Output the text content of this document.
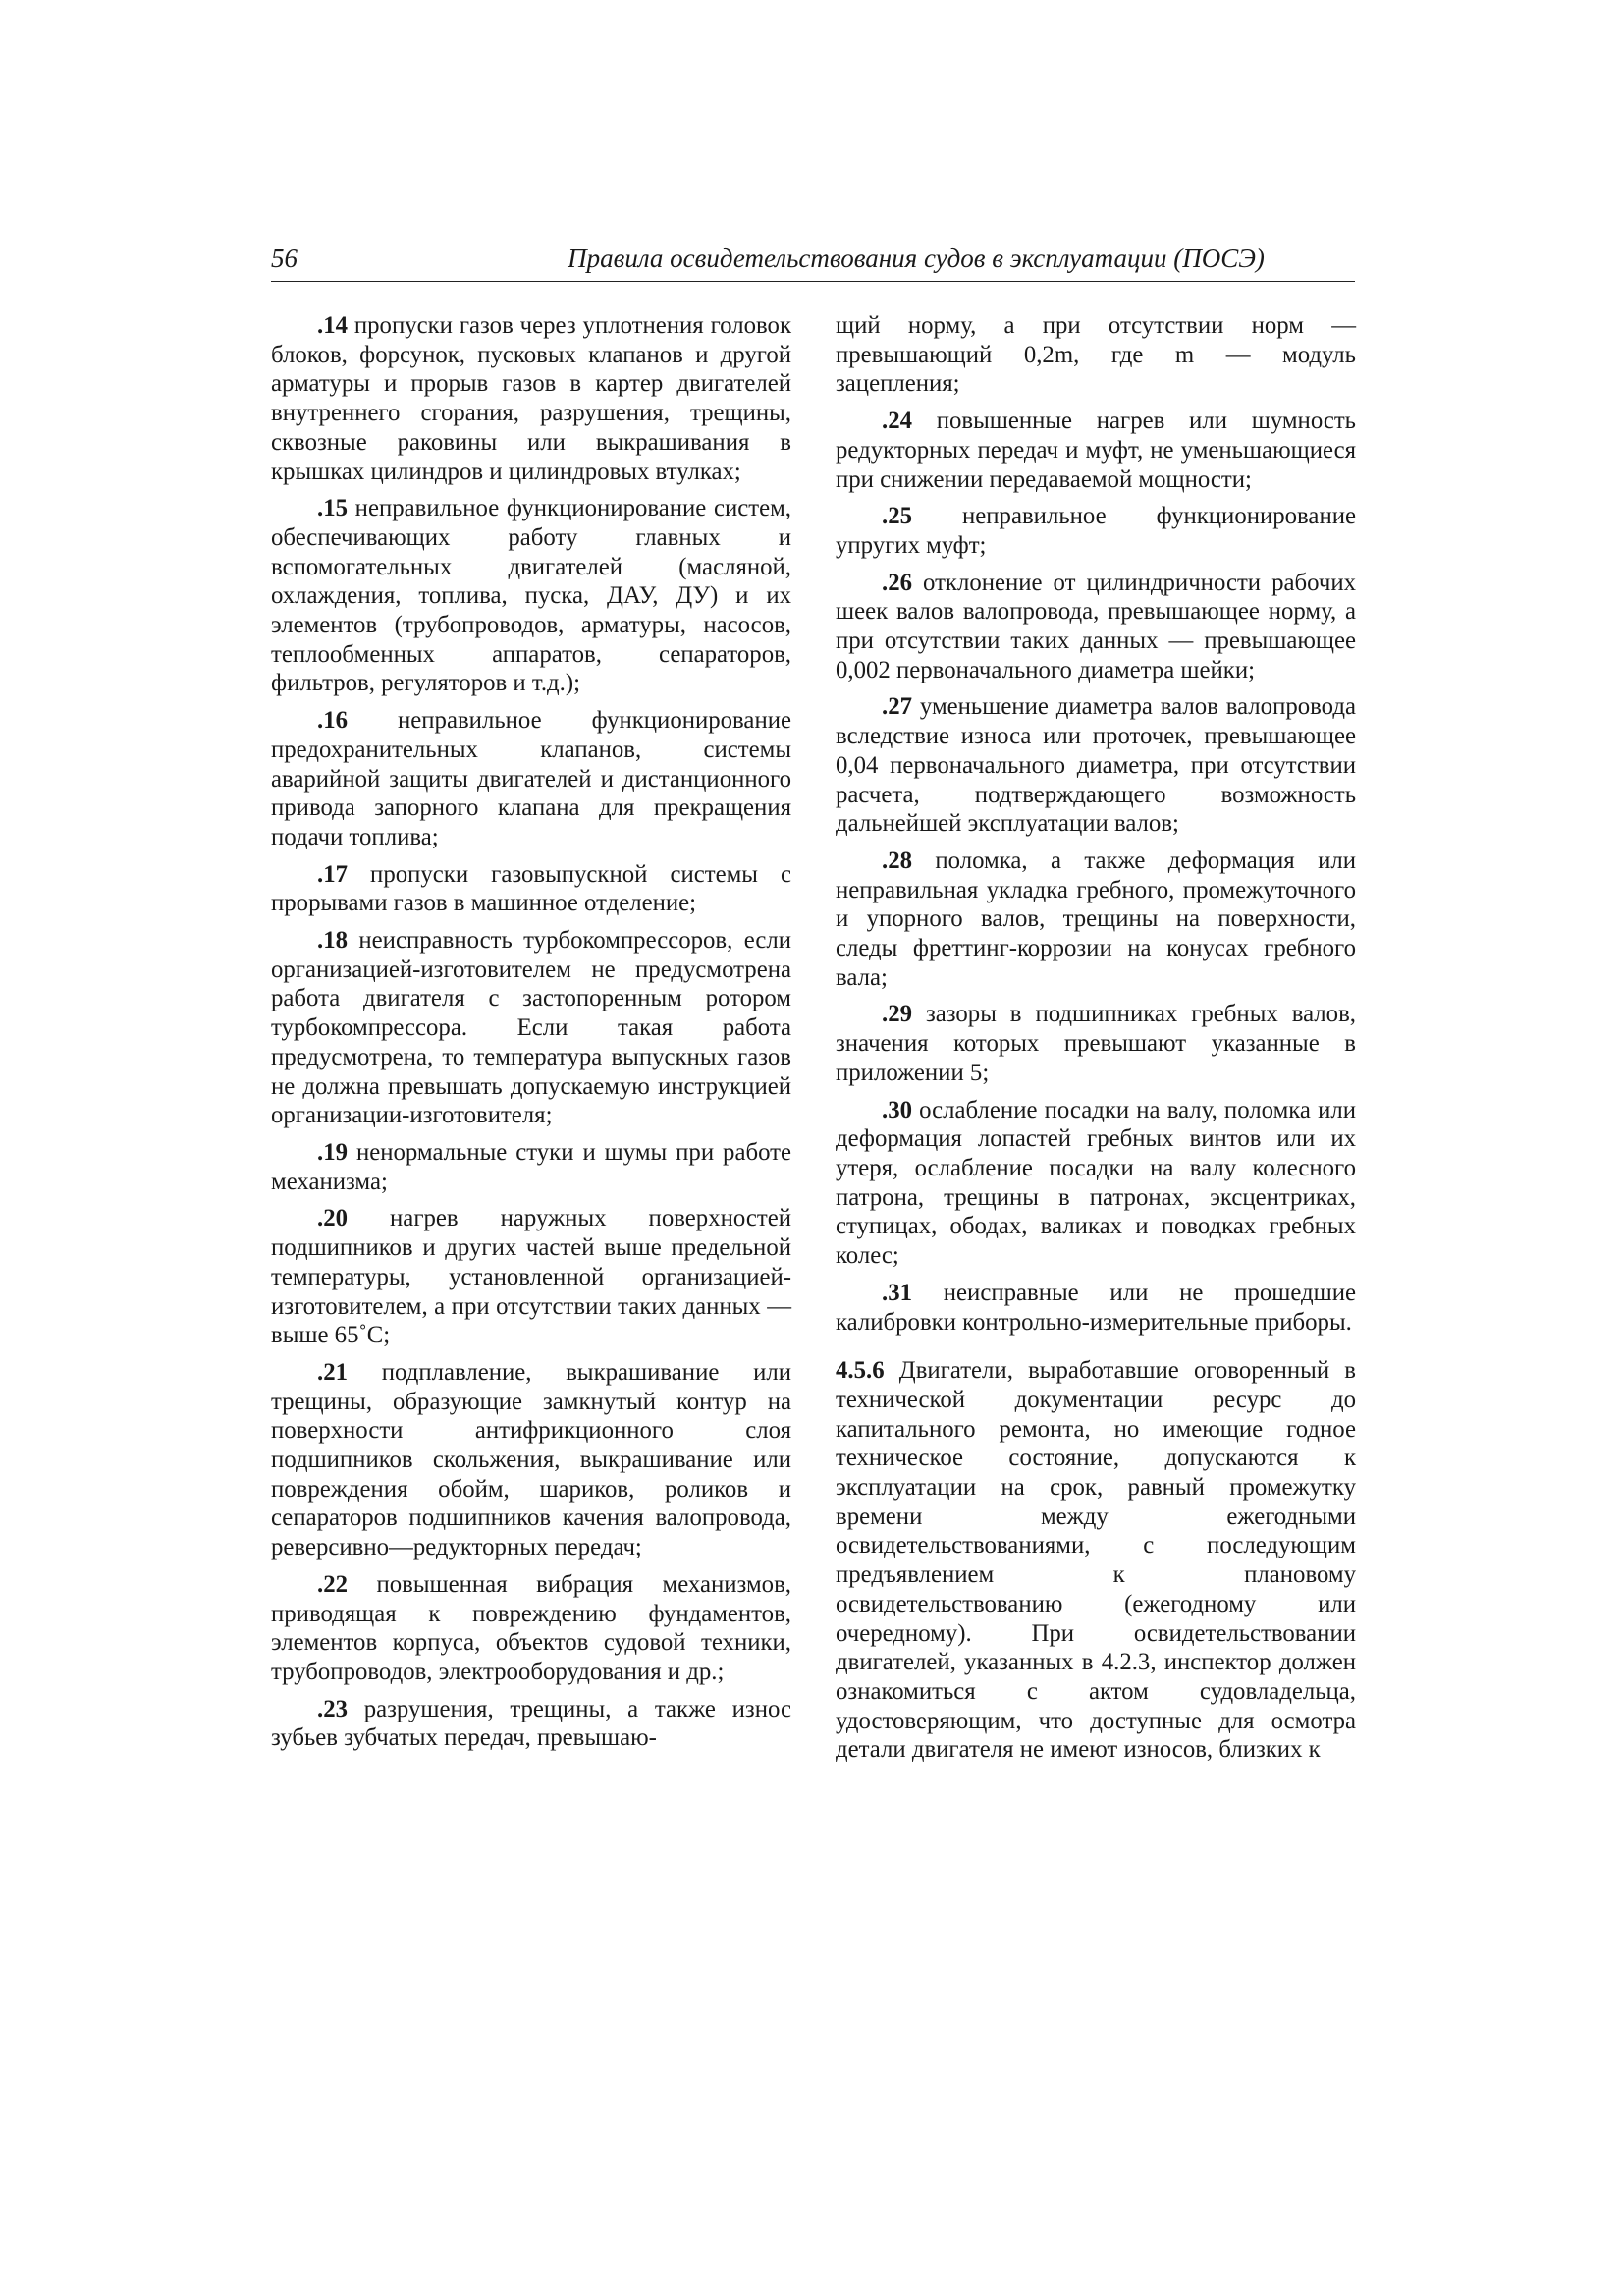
56	Правила освидетельствования судов в эксплуатации (ПОСЭ)

.14 пропуски газов через уплотнения головок блоков, форсунок, пусковых клапанов и другой арматуры и прорыв газов в картер двигателей внутреннего сгорания, разрушения, трещины, сквозные раковины или выкрашивания в крышках цилиндров и цилиндровых втулках;

.15 неправильное функционирование систем, обеспечивающих работу главных и вспомогательных двигателей (масляной, охлаждения, топлива, пуска, ДАУ, ДУ) и их элементов (трубопроводов, арматуры, насосов, теплообменных аппаратов, сепараторов, фильтров, регуляторов и т.д.);

.16 неправильное функционирование предохранительных клапанов, системы аварийной защиты двигателей и дистанционного привода запорного клапана для прекращения подачи топлива;

.17 пропуски газовыпускной системы с прорывами газов в машинное отделение;

.18 неисправность турбокомпрессоров, если организацией-изготовителем не предусмотрена работа двигателя с застопоренным ротором турбокомпрессора. Если такая работа предусмотрена, то температура выпускных газов не должна превышать допускаемую инструкцией организации-изготовителя;

.19 ненормальные стуки и шумы при работе механизма;

.20 нагрев наружных поверхностей подшипников и других частей выше предельной температуры, установленной организацией-изготовителем, а при отсутствии таких данных — выше 65˚С;

.21 подплавление, выкрашивание или трещины, образующие замкнутый контур на поверхности антифрикционного слоя подшипников скольжения, выкрашивание или повреждения обойм, шариков, роликов и сепараторов подшипников качения валопровода, реверсивно—редукторных передач;

.22 повышенная вибрация механизмов, приводящая к повреждению фундаментов, элементов корпуса, объектов судовой техники, трубопроводов, электрооборудования и др.;

.23 разрушения, трещины, а также износ зубьев зубчатых передач, превышаю-

щий норму, а при отсутствии норм — превышающий 0,2m, где m — модуль зацепления;

.24 повышенные нагрев или шумность редукторных передач и муфт, не уменьшающиеся при снижении передаваемой мощности;

.25 неправильное функционирование упругих муфт;

.26 отклонение от цилиндричности рабочих шеек валов валопровода, превышающее норму, а при отсутствии таких данных — превышающее 0,002 первоначального диаметра шейки;

.27 уменьшение диаметра валов валопровода вследствие износа или проточек, превышающее 0,04 первоначального диаметра, при отсутствии расчета, подтверждающего возможность дальнейшей эксплуатации валов;

.28 поломка, а также деформация или неправильная укладка гребного, промежуточного и упорного валов, трещины на поверхности, следы фреттинг-коррозии на конусах гребного вала;

.29 зазоры в подшипниках гребных валов, значения которых превышают указанные в приложении 5;

.30 ослабление посадки на валу, поломка или деформация лопастей гребных винтов или их утеря, ослабление посадки на валу колесного патрона, трещины в патронах, эксцентриках, ступицах, ободах, валиках и поводках гребных колес;

.31 неисправные или не прошедшие калибровки контрольно-измерительные приборы.

4.5.6 Двигатели, выработавшие оговоренный в технической документации ресурс до капитального ремонта, но имеющие годное техническое состояние, допускаются к эксплуатации на срок, равный промежутку времени между ежегодными освидетельствованиями, с последующим предъявлением к плановому освидетельствованию (ежегодному или очередному). При освидетельствовании двигателей, указанных в 4.2.3, инспектор должен ознакомиться с актом судовладельца, удостоверяющим, что доступные для осмотра детали двигателя не имеют износов, близких к
